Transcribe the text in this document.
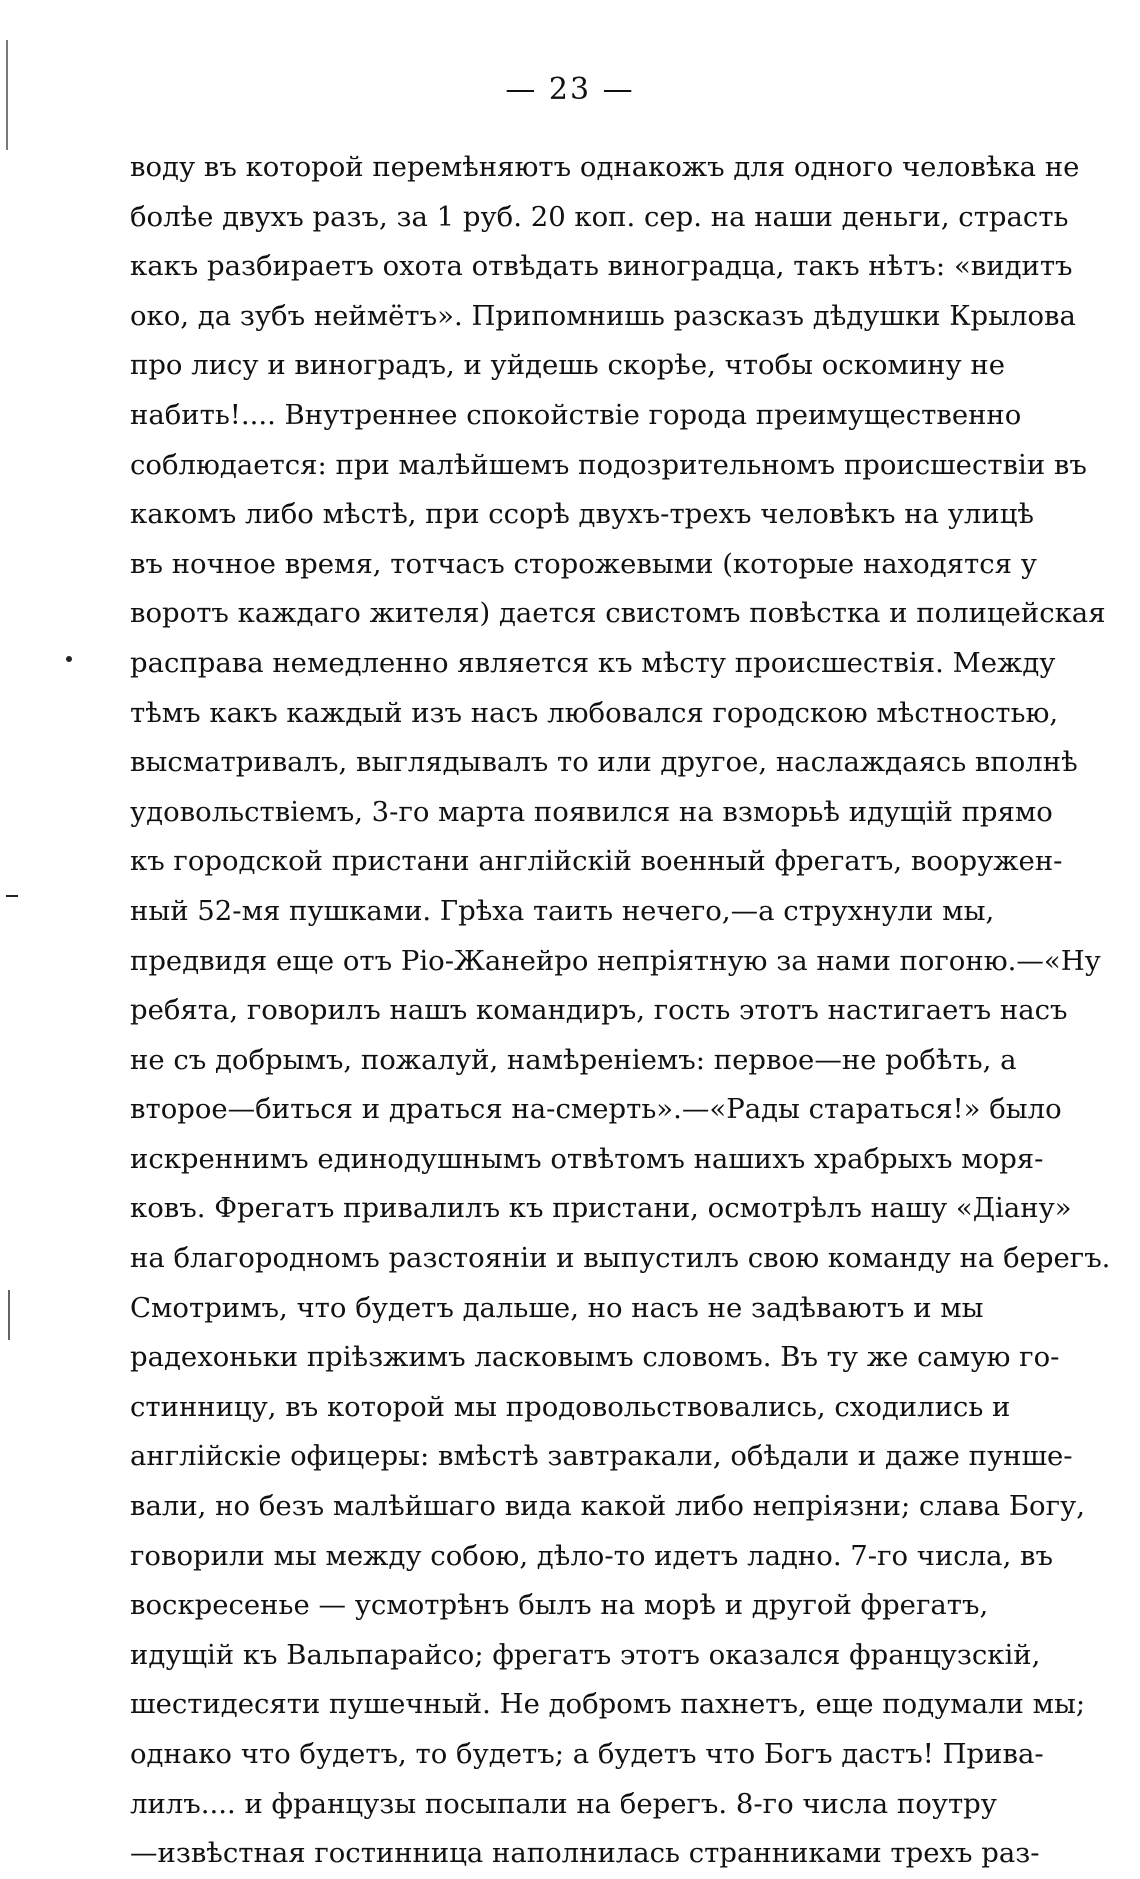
— 23 —
воду въ которой перемѣняютъ однакожъ для одного человѣка не
болѣе двухъ разъ, за 1 руб. 20 коп. сер. на наши деньги, страсть
какъ разбираетъ охота отвѣдать виноградца, такъ нѣтъ: «видитъ
око, да зубъ неймётъ». Припомнишь разсказъ дѣдушки Крылова
про лису и виноградъ, и уйдешь скорѣе, чтобы оскомину не
набить!.... Внутреннее спокойствіе города преимущественно
соблюдается: при малѣйшемъ подозрительномъ происшествіи въ
какомъ либо мѣстѣ, при ссорѣ двухъ-трехъ человѣкъ на улицѣ
въ ночное время, тотчасъ сторожевыми (которые находятся у
воротъ каждаго жителя) дается свистомъ повѣстка и полицейская
расправа немедленно является къ мѣсту происшествія. Между
тѣмъ какъ каждый изъ насъ любовался городскою мѣстностью,
высматривалъ, выглядывалъ то или другое, наслаждаясь вполнѣ
удовольствіемъ, 3-го марта появился на взморьѣ идущій прямо
къ городской пристани англійскій военный фрегатъ, вооружен-
ный 52-мя пушками. Грѣха таить нечего,—а струхнули мы,
предвидя еще отъ Ріо-Жанейро непріятную за нами погоню.—«Ну
ребята, говорилъ нашъ командиръ, гость этотъ настигаетъ насъ
не съ добрымъ, пожалуй, намѣреніемъ: первое—не робѣть, а
второе—биться и драться на-смерть».—«Рады стараться!» было
искреннимъ единодушнымъ отвѣтомъ нашихъ храбрыхъ моря-
ковъ. Фрегатъ привалилъ къ пристани, осмотрѣлъ нашу «Діану»
на благородномъ разстояніи и выпустилъ свою команду на берегъ.
Смотримъ, что будетъ дальше, но насъ не задѣваютъ и мы
радехоньки пріѣзжимъ ласковымъ словомъ. Въ ту же самую го-
стинницу, въ которой мы продовольствовались, сходились и
англійскіе офицеры: вмѣстѣ завтракали, обѣдали и даже пунше-
вали, но безъ малѣйшаго вида какой либо непріязни; слава Богу,
говорили мы между собою, дѣло-то идетъ ладно. 7-го числа, въ
воскресенье — усмотрѣнъ былъ на морѣ и другой фрегатъ,
идущій къ Вальпарайсо; фрегатъ этотъ оказался французскій,
шестидесяти пушечный. Не добромъ пахнетъ, еще подумали мы;
однако что будетъ, то будетъ; а будетъ что Богъ дастъ! Прива-
лилъ.... и французы посыпали на берегъ. 8-го числа поутру
—извѣстная гостинница наполнилась странниками трехъ раз-
